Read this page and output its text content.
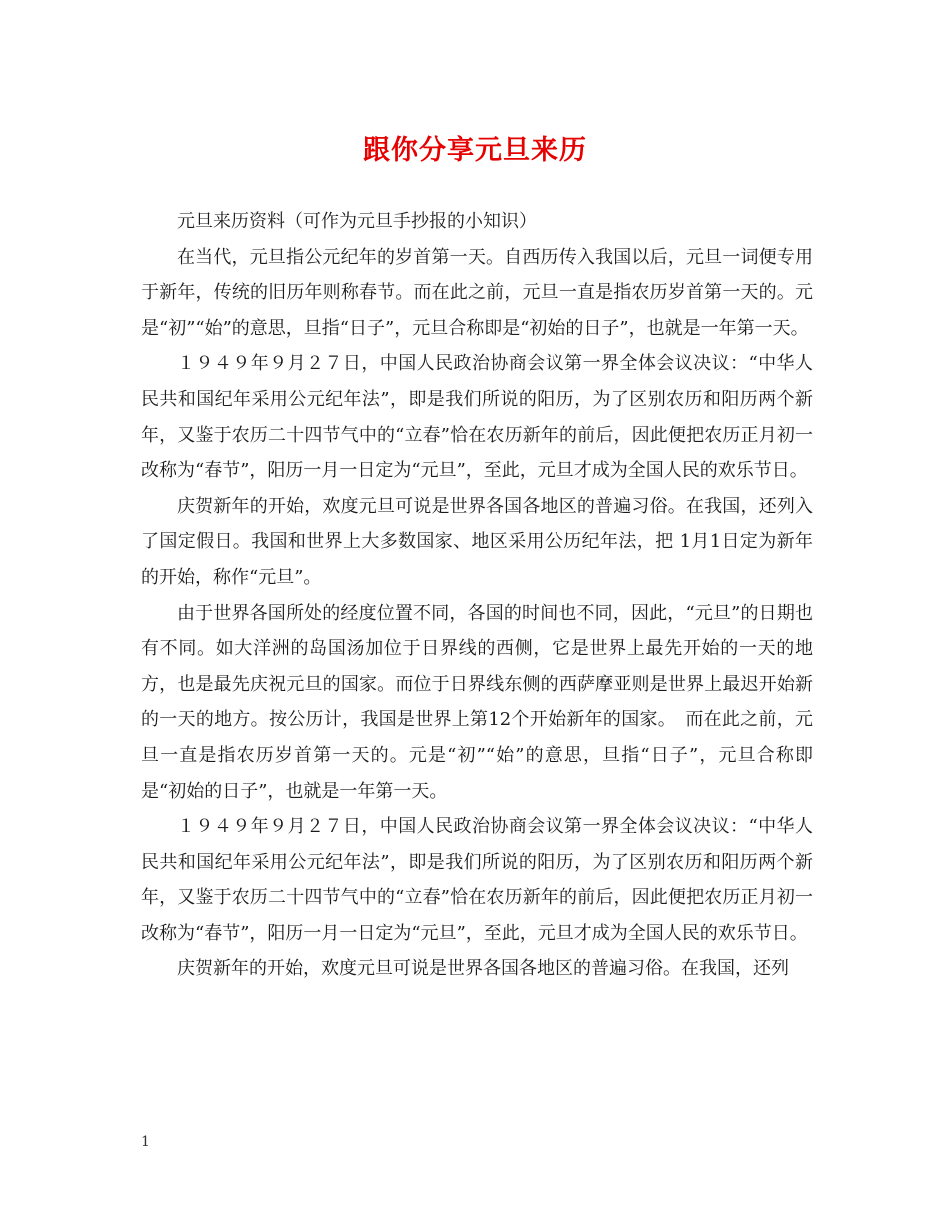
跟你分享元旦来历

元旦来历资料（可作为元旦手抄报的小知识）

在当代，元旦指公元纪年的岁首第一天。自西历传入我国以后，元旦一词便专用于新年，传统的旧历年则称春节。而在此之前，元旦一直是指农历岁首第一天的。元是“初”“始”的意思，旦指“日子”，元旦合称即是“初始的日子”，也就是一年第一天。

１９４９年９月２７日，中国人民政治协商会议第一界全体会议决议：“中华人民共和国纪年采用公元纪年法”，即是我们所说的阳历，为了区别农历和阳历两个新年，又鉴于农历二十四节气中的“立春”恰在农历新年的前后，因此便把农历正月初一改称为“春节”，阳历一月一日定为“元旦”，至此，元旦才成为全国人民的欢乐节日。

庆贺新年的开始，欢度元旦可说是世界各国各地区的普遍习俗。在我国，还列入了国定假日。我国和世界上大多数国家、地区采用公历纪年法，把 1月1日定为新年的开始，称作“元旦”。

由于世界各国所处的经度位置不同，各国的时间也不同，因此，“元旦”的日期也有不同。如大洋洲的岛国汤加位于日界线的西侧，它是世界上最先开始的一天的地方，也是最先庆祝元旦的国家。而位于日界线东侧的西萨摩亚则是世界上最迟开始新的一天的地方。按公历计，我国是世界上第12个开始新年的国家。　而在此之前，元旦一直是指农历岁首第一天的。元是“初”“始”的意思，旦指“日子”，元旦合称即是“初始的日子”，也就是一年第一天。

１９４９年９月２７日，中国人民政治协商会议第一界全体会议决议：“中华人民共和国纪年采用公元纪年法”，即是我们所说的阳历，为了区别农历和阳历两个新年，又鉴于农历二十四节气中的“立春”恰在农历新年的前后，因此便把农历正月初一改称为“春节”，阳历一月一日定为“元旦”，至此，元旦才成为全国人民的欢乐节日。

庆贺新年的开始，欢度元旦可说是世界各国各地区的普遍习俗。在我国，还列

1
